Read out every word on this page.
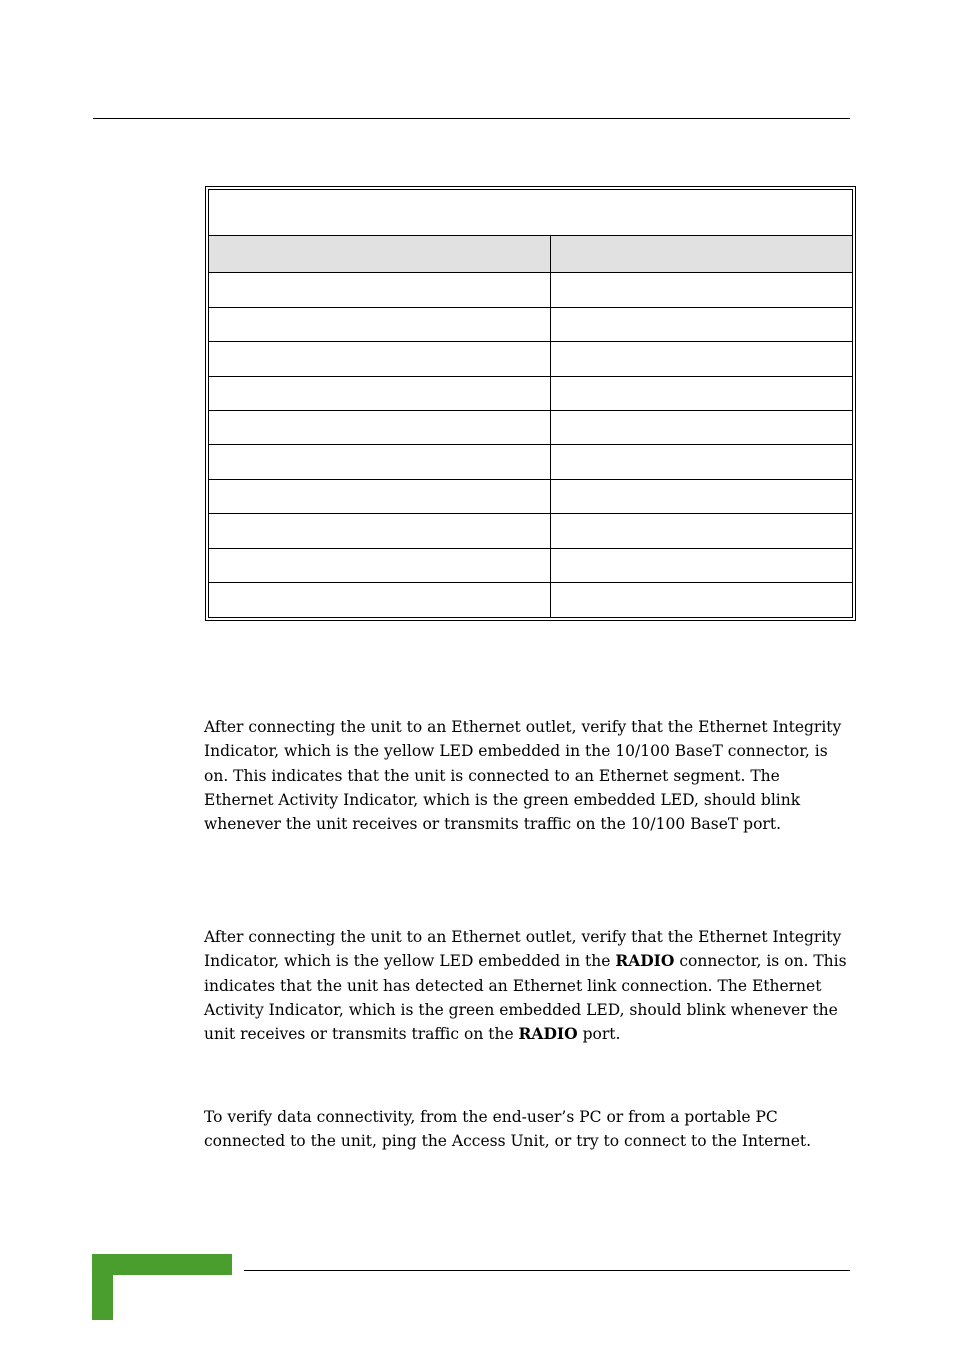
After connecting the unit to an Ethernet outlet, verify that the Ethernet Integrity Indicator, which is the yellow LED embedded in the 10/100 BaseT connector, is on. This indicates that the unit is connected to an Ethernet segment. The Ethernet Activity Indicator, which is the green embedded LED, should blink whenever the unit receives or transmits traffic on the 10/100 BaseT port.

After connecting the unit to an Ethernet outlet, verify that the Ethernet Integrity Indicator, which is the yellow LED embedded in the RADIO connector, is on. This indicates that the unit has detected an Ethernet link connection. The Ethernet Activity Indicator, which is the green embedded LED, should blink whenever the unit receives or transmits traffic on the RADIO port.

To verify data connectivity, from the end-user’s PC or from a portable PC connected to the unit, ping the Access Unit, or try to connect to the Internet.
